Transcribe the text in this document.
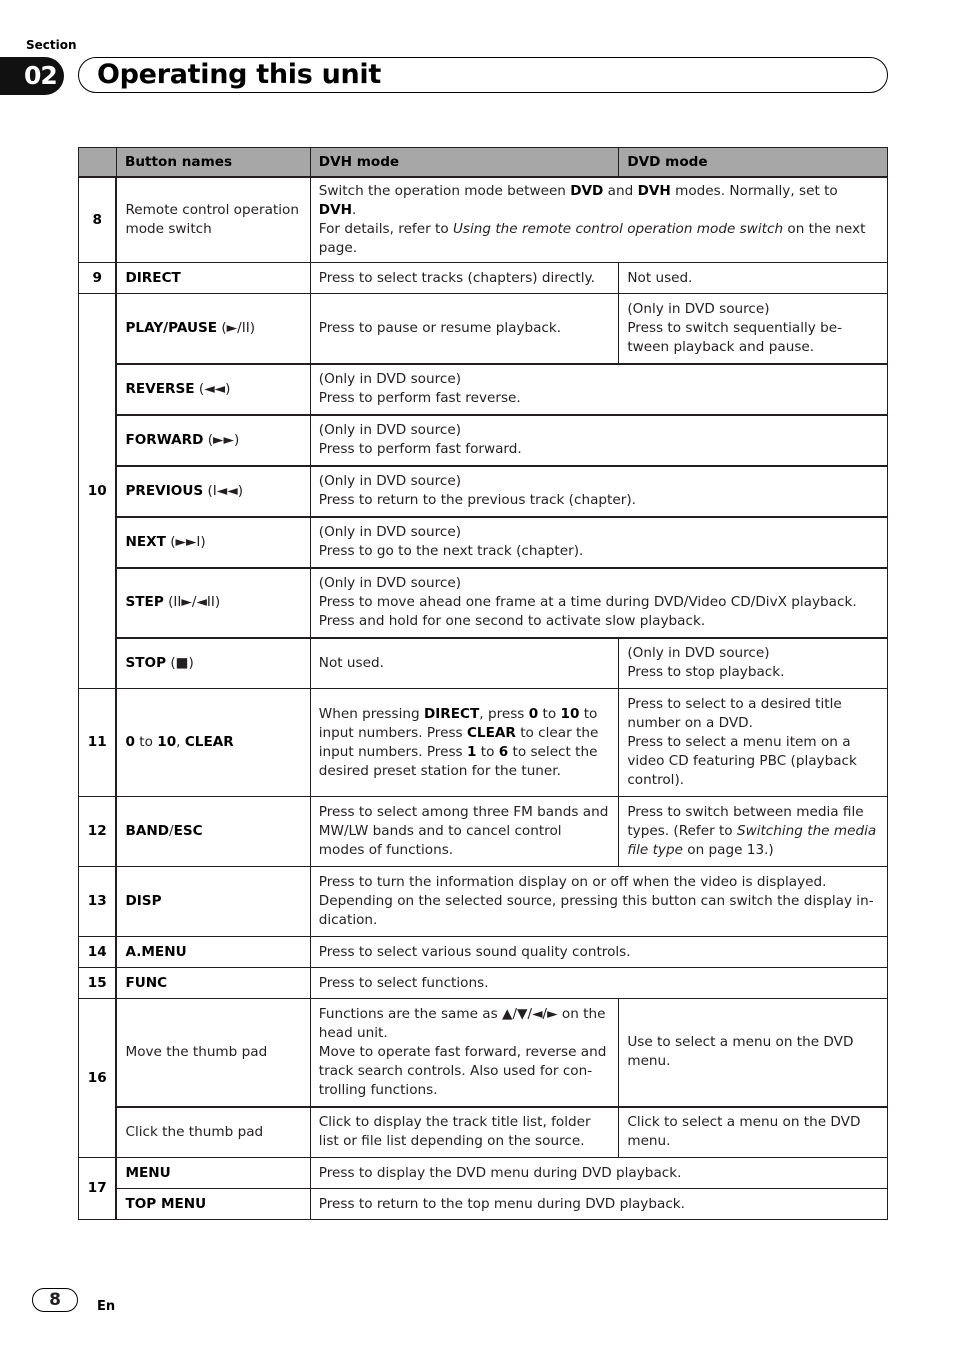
Section
02 Operating this unit
	Button names	DVH mode	DVD mode
8	Remote control operation mode switch	Switch the operation mode between DVD and DVH modes. Normally, set to DVH.
For details, refer to Using the remote control operation mode switch on the next page.	
9	DIRECT	Press to select tracks (chapters) directly.	Not used.
10	PLAY/PAUSE (►/II)	Press to pause or resume playback.	(Only in DVD source)
Press to switch sequentially be-
tween playback and pause.
	REVERSE (◄◄)	(Only in DVD source)
Press to perform fast reverse.	
	FORWARD (►►)	(Only in DVD source)
Press to perform fast forward.	
	PREVIOUS (I◄◄)	(Only in DVD source)
Press to return to the previous track (chapter).	
	NEXT (►►I)	(Only in DVD source)
Press to go to the next track (chapter).	
	STEP (II►/◄II)	(Only in DVD source)
Press to move ahead one frame at a time during DVD/Video CD/DivX playback.
Press and hold for one second to activate slow playback.	
	STOP (■)	Not used.	(Only in DVD source)
Press to stop playback.
11	0 to 10, CLEAR	When pressing DIRECT, press 0 to 10 to input numbers. Press CLEAR to clear the input numbers. Press 1 to 6 to select the desired preset station for the tuner.	Press to select to a desired title number on a DVD.
Press to select a menu item on a video CD featuring PBC (playback control).
12	BAND/ESC	Press to select among three FM bands and MW/LW bands and to cancel control modes of functions.	Press to switch between media file types. (Refer to Switching the media file type on page 13.)
13	DISP	Press to turn the information display on or off when the video is displayed.
Depending on the selected source, pressing this button can switch the display in-
dication.	
14	A.MENU	Press to select various sound quality controls.	
15	FUNC	Press to select functions.	
16	Move the thumb pad	Functions are the same as ▲/▼/◄/► on the head unit.
Move to operate fast forward, reverse and track search controls. Also used for con-trolling functions.	Use to select a menu on the DVD menu.
	Click the thumb pad	Click to display the track title list, folder list or file list depending on the source.	Click to select a menu on the DVD menu.
17	MENU	Press to display the DVD menu during DVD playback.	
	TOP MENU	Press to return to the top menu during DVD playback.	
8	En
